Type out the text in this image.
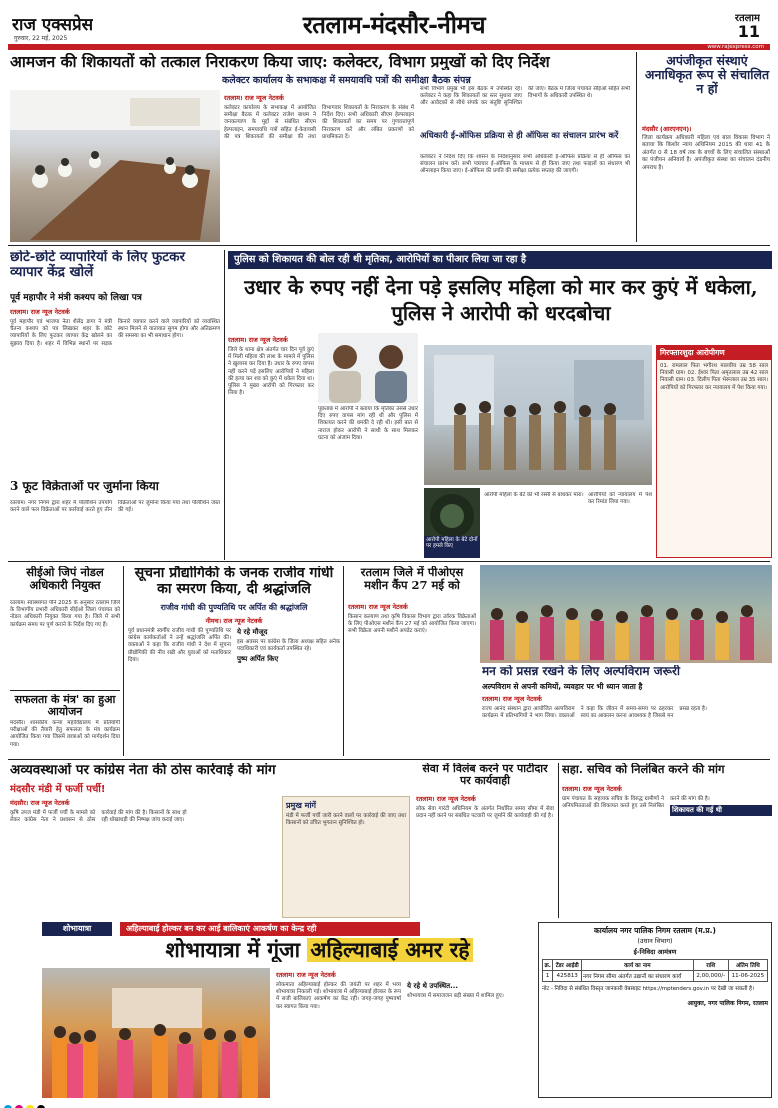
राज एक्सप्रेस
गुरुवार, 22 मई, 2025	रतलाम-मंदसौर-नीमच	रतलाम
11
www.rajexpress.com
आमजन की शिकायतों को तत्काल निराकरण किया जाए: कलेक्टर, विभाग प्रमुखों को दिए निर्देश
कलेक्टर कार्यालय के सभाकक्ष में समयावधि पत्रों की समीक्षा बैठक संपन्न
रतलाम। राज न्यूज नेटवर्क
कलेक्टर कार्यालय के सभाकक्ष में आयोजित समीक्षा बैठक में कलेक्टर राजेश बाथम ने जनकल्याण के मुद्दों से संबंधित सीएम हेल्पलाइन, समयावधि पत्रों सहित ई-केवायसी की पत्र शिकायतों की समीक्षा की तथा विभागवार शिकायतों के निराकरण के संबंध में निर्देश दिए। सभी अधिकारी सीएम हेल्पलाइन की शिकायतों का समय पर गुणवत्तापूर्ण निराकरण करें और लंबित प्रकरणों को प्राथमिकता दें।
सभी विभाग प्रमुख भी इस बैठक में उपस्थित रहे। कलेक्टर ने कहा कि शिकायतों का स्तर सुधारा जाए और आवेदकों से सीधे संपर्क कर संतुष्टि सुनिश्चित की जाए। बैठक में जिला पंचायत सीईओ सहित सभी विभागों के अधिकारी उपस्थित थे।
अधिकारी ई-ऑफिस प्रक्रिया से ही ऑफिस का संचालन प्रारंभ करें
कलेक्टर ने निर्देश दिए कि शासन के निर्देशानुसार सभी अधिकारी ई-ऑफिस प्रक्रिया से ही ऑफिस का संचालन प्रारंभ करें। सभी पत्राचार ई-ऑफिस के माध्यम से ही किया जाए तथा फाइलों का संधारण भी ऑनलाइन किया जाए। ई-ऑफिस की प्रगति की समीक्षा प्रत्येक सप्ताह की जाएगी।
अपंजीकृत संस्थाएं अनाधिकृत रूप से संचालित न हों
मंदसौर (आरएनएन)।
जिला कार्यक्रम अधिकारी महिला एवं बाल विकास विभाग ने बताया कि किशोर न्याय अधिनियम 2015 की धारा 41 के अंतर्गत 0 से 18 वर्ष तक के बच्चों के लिए संचालित संस्थाओं का पंजीयन अनिवार्य है। अपंजीकृत संस्था का संचालन दंडनीय अपराध है।
छोटे-छोटे व्यापारियों के लिए फुटकर व्यापार केंद्र खोलें
पूर्व महापौर ने मंत्री कश्यप को लिखा पत्र
रतलाम। राज न्यूज नेटवर्क
पूर्व महापौर एवं भाजपा नेता शैलेंद्र डागा ने मंत्री चैतन्य कश्यप को पत्र लिखकर शहर के छोटे व्यापारियों के लिए फुटकर व्यापार केंद्र खोलने का सुझाव दिया है। शहर में विभिन्न स्थानों पर सड़क किनारे व्यापार करने वाले व्यापारियों को व्यवस्थित स्थान मिलने से यातायात सुगम होगा और अतिक्रमण की समस्या का भी समाधान होगा।
3 फूट विक्रेताओं पर जुर्माना किया
रतलाम। नगर निगम द्वारा शहर में पॉलीथिन उपयोग करने वाले फल विक्रेताओं पर कार्रवाई करते हुए तीन विक्रेताओं पर जुर्माना किया गया तथा पॉलीथिन जब्त की गई।
पुलिस को शिकायत की बोल रही थी मृतिका, आरोपियों का पीआर लिया जा रहा है
उधार के रुपए नहीं देना पड़े इसलिए महिला को मार कर कुएं में धकेला, पुलिस ने आरोपी को धरदबोचा
रतलाम। राज न्यूज नेटवर्क
जिले के थाना क्षेत्र अंतर्गत चार दिन पूर्व कुएं में मिली महिला की लाश के मामले में पुलिस ने खुलासा कर दिया है। उधार के रुपए वापस नहीं करने पड़ें इसलिए आरोपियों ने महिला की हत्या कर शव को कुएं में धकेल दिया था। पुलिस ने मुख्य आरोपी को गिरफ्तार कर लिया है।
पूछताछ में आरोपी ने बताया कि मृतिका उससे उधार दिए रुपए वापस मांग रही थी और पुलिस में शिकायत करने की धमकी दे रही थी। इसी बात से नाराज होकर आरोपी ने साथी के साथ मिलकर घटना को अंजाम दिया।
आरोपी महिला के बेटे दोनों पर हमले किए
आरोपी महिला के बेटे को भी रस्सी से बांधकर मारा। आरोपियों को न्यायालय में पेश कर रिमांड लिया गया।
गिरफ्तारशुदा आरोपीगण
01. रामलाल पिता भगीरथ मालवीय उम्र 58 साल निवासी ग्राम। 02. ईश्वर पिता अमृतलाल उम्र 42 साल निवासी ग्राम। 03. दिलीप पिता भेरूलाल उम्र 35 साल। आरोपियों को गिरफ्तार कर न्यायालय में पेश किया गया।
सीईओ जिपं नोडल अधिकारी नियुक्त
रतलाम। स्वास्थ्यगत पीने 2025 के अनुसार रतलाम जिले के विभागीय प्रभारी अधिकारी सीईओ जिला पंचायत को नोडल अधिकारी नियुक्त किया गया है। जिले में सभी कार्यक्रम समय पर पूर्ण कराने के निर्देश दिए गए हैं।
सफलता के मंत्र' का हुआ आयोजन
मंदसौर। शासकीय कन्या महाविद्यालय में प्रतियोगी परीक्षाओं की तैयारी हेतु सफलता के मंत्र कार्यक्रम आयोजित किया गया जिसमें छात्राओं को मार्गदर्शन दिया गया।
सूचना प्रौद्योगिकी के जनक राजीव गांधी का स्मरण किया, दी श्रद्धांजलि
राजीव गांधी की पुण्यतिथि पर अर्पित की श्रद्धांजलि
नीमच। राज न्यूज नेटवर्क
पूर्व प्रधानमंत्री स्वर्गीय राजीव गांधी की पुण्यतिथि पर कांग्रेस कार्यकर्ताओं ने उन्हें श्रद्धांजलि अर्पित की। वक्ताओं ने कहा कि राजीव गांधी ने देश में सूचना प्रौद्योगिकी की नींव रखी और युवाओं को मताधिकार दिया।
ये रहे मौजूद
इस अवसर पर कांग्रेस के जिला अध्यक्ष सहित अनेक पदाधिकारी एवं कार्यकर्ता उपस्थित रहे।
पुष्प अर्पित किए
रतलाम जिले में पीओएस मशीन कैंप 27 मई को
रतलाम। राज न्यूज नेटवर्क
किसान कल्याण तथा कृषि विकास विभाग द्वारा उर्वरक विक्रेताओं के लिए पीओएस मशीन कैंप 27 मई को आयोजित किया जाएगा। सभी विक्रेता अपनी मशीनें अपडेट कराएं।
मन को प्रसन्न रखने के लिए अल्पविराम जरूरी
अल्पविराम से अपनी कमियों, व्यवहार पर भी ध्यान जाता है
रतलाम। राज न्यूज नेटवर्क
राज्य आनंद संस्थान द्वारा आयोजित अल्पविराम कार्यक्रम में प्रतिभागियों ने भाग लिया। वक्ताओं ने कहा कि जीवन में समय-समय पर ठहरकर स्वयं का आकलन करना आवश्यक है जिससे मन प्रसन्न रहता है।
अव्यवस्थाओं पर कांग्रेस नेता की ठोस कार्रवाई की मांग
मंदसौर मंडी में फर्जी पर्ची!
मंदसौर। राज न्यूज नेटवर्क
कृषि उपज मंडी में फर्जी पर्ची के मामले को लेकर कांग्रेस नेता ने प्रशासन से ठोस कार्रवाई की मांग की है। किसानों के साथ हो रही धोखाधड़ी की निष्पक्ष जांच कराई जाए।
प्रमुख मांगें
मंडी में फर्जी पर्ची जारी करने वालों पर कार्रवाई की जाए तथा किसानों को उचित भुगतान सुनिश्चित हो।
सेवा में विलंब करने पर पाटीदार पर कार्यवाही
रतलाम। राज न्यूज नेटवर्क
लोक सेवा गारंटी अधिनियम के अंतर्गत निर्धारित समय सीमा में सेवा प्रदान नहीं करने पर संबंधित पटवारी पर जुर्माने की कार्यवाही की गई है।
सहा. सचिव को निलंबित करने की मांग
रतलाम। राज न्यूज नेटवर्क
ग्राम पंचायत के सहायक सचिव के विरुद्ध ग्रामीणों ने अनियमितताओं की शिकायत करते हुए उसे निलंबित करने की मांग की है।
शिकायत की गई थी
शोभायात्रा	अहिल्याबाई होल्कर बन कर आई बालिकाएं आकर्षण का केन्द्र रही
शोभायात्रा में गूंजा अहिल्याबाई अमर रहे
रतलाम। राज न्यूज नेटवर्क
लोकमाता अहिल्याबाई होल्कर की जयंती पर शहर में भव्य शोभायात्रा निकाली गई। शोभायात्रा में अहिल्याबाई होल्कर के रूप में सजी बालिकाएं आकर्षण का केंद्र रहीं। जगह-जगह पुष्पवर्षा कर स्वागत किया गया।
ये रहे थे उपस्थित...
शोभायात्रा में समाजजन बड़ी संख्या में शामिल हुए।
कार्यालय नगर पालिक निगम रतलाम (म.प्र.)
(उधान विभाग)
ई-निविदा आमंत्रण
क्र.	टेंडर आईडी	कार्य का नाम	राशि	अंतिम तिथि
1	425813	नगर निगम सीमा अंतर्गत उद्यानों का संधारण कार्य	2,00,000/-	11-06-2025
नोट - निविदा से संबंधित विस्तृत जानकारी वेबसाइट https://mptenders.gov.in पर देखी जा सकती है।
आयुक्त, नगर पालिक निगम, रतलाम
